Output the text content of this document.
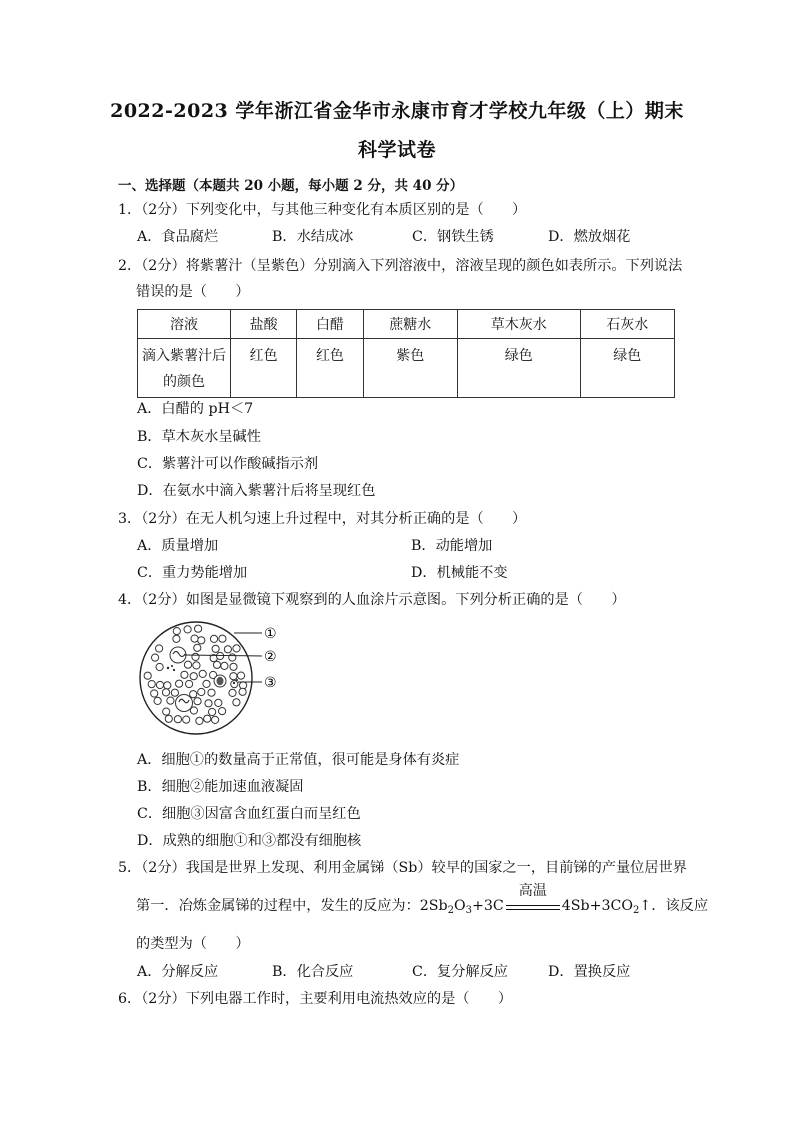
2022-2023 学年浙江省金华市永康市育才学校九年级（上）期末
科学试卷
一、选择题（本题共 20 小题，每小题 2 分，共 40 分）
1．（2分）下列变化中，与其他三种变化有本质区别的是（　　）
A．食品腐烂	B．水结成冰	C．钢铁生锈	D．燃放烟花
2．（2分）将紫薯汁（呈紫色）分别滴入下列溶液中，溶液呈现的颜色如表所示。下列说法
错误的是（　　）
溶液	盐酸	白醋	蔗糖水	草木灰水	石灰水
滴入紫薯汁后
的颜色	红色	红色	紫色	绿色	绿色
A．白醋的 pH＜7
B．草木灰水呈碱性
C．紫薯汁可以作酸碱指示剂
D．在氨水中滴入紫薯汁后将呈现红色
3．（2分）在无人机匀速上升过程中，对其分析正确的是（　　）
A．质量增加	B．动能增加
C．重力势能增加	D．机械能不变
4．（2分）如图是显微镜下观察到的人血涂片示意图。下列分析正确的是（　　）
①
②
③
A．细胞①的数量高于正常值，很可能是身体有炎症
B．细胞②能加速血液凝固
C．细胞③因富含血红蛋白而呈红色
D．成熟的细胞①和③都没有细胞核
5．（2分）我国是世界上发现、利用金属锑（Sb）较早的国家之一，目前锑的产量位居世界
第一．冶炼金属锑的过程中，发生的反应为：$2Sb_2O_3+3C$
高温
$4Sb+3CO_2↑$．该反应
的类型为（　　）
A．分解反应	B．化合反应	C．复分解反应	D．置换反应
6．（2分）下列电器工作时，主要利用电流热效应的是（　　）
